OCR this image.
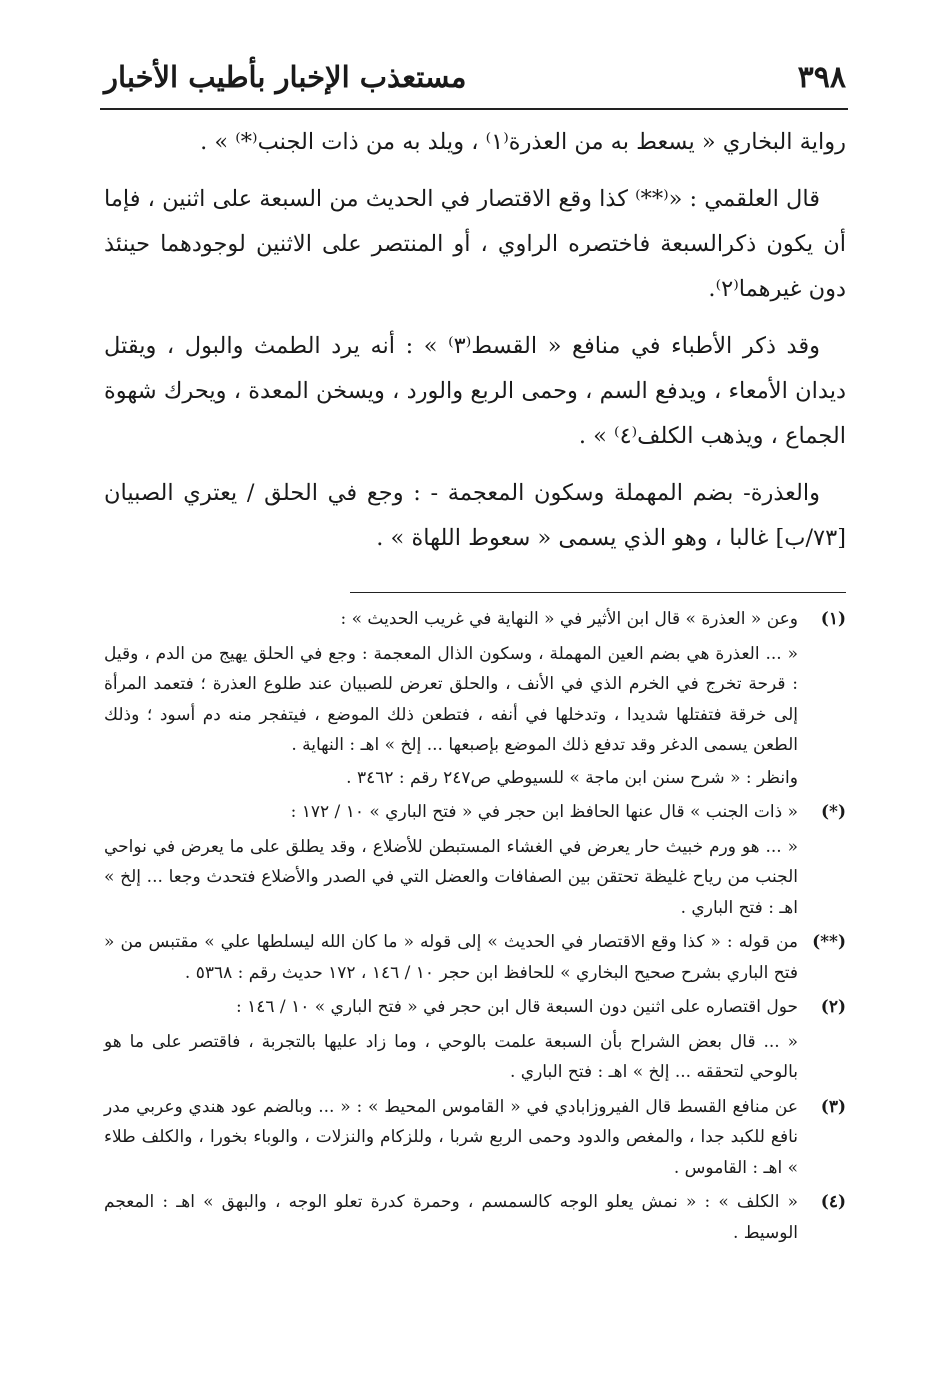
٣٩٨
مستعذب الإخبار بأطيب الأخبار

رواية البخاري « يسعط به من العذرة⁽١⁾ ، ويلد به من ذات الجنب⁽*⁾ » .

قال العلقمي : «⁽**⁾ كذا وقع الاقتصار في الحديث من السبعة على اثنين ، فإما أن يكون ذكرالسبعة فاختصره الراوي ، أو المنتصر على الاثنين لوجودهما حينئذ دون غيرهما⁽٢⁾.

وقد ذكر الأطباء في منافع « القسط⁽٣⁾ » : أنه يرد الطمث والبول ، ويقتل ديدان الأمعاء ، ويدفع السم ، وحمى الربع والورد ، ويسخن المعدة ، ويحرك شهوة الجماع ، ويذهب الكلف⁽٤⁾ » .

والعذرة- بضم المهملة وسكون المعجمة - : وجع في الحلق / يعتري الصبيان [٧٣/ب] غالبا ، وهو الذي يسمى « سعوط اللهاة » .

(١)
وعن « العذرة » قال ابن الأثير في « النهاية في غريب الحديث » :
« ... العذرة هي بضم العين المهملة ، وسكون الذال المعجمة : وجع في الحلق يهيج من الدم ، وقيل : قرحة تخرج في الخرم الذي في الأنف ، والحلق تعرض للصبيان عند طلوع العذرة ؛ فتعمد المرأة إلى خرقة فتفتلها شديدا ، وتدخلها في أنفه ، فتطعن ذلك الموضع ، فيتفجر منه دم أسود ؛ وذلك الطعن يسمى الدغر وقد تدفع ذلك الموضع بإصبعها ... إلخ » اهـ : النهاية .
وانظر : « شرح سنن ابن ماجة » للسيوطي ص٢٤٧ رقم : ٣٤٦٢ .
(*)
« ذات الجنب » قال عنها الحافظ ابن حجر في « فتح الباري » ١٠ / ١٧٢ :
« ... هو ورم خبيث حار يعرض في الغشاء المستبطن للأضلاع ، وقد يطلق على ما يعرض في نواحي الجنب من رياح غليظة تحتقن بين الصفافات والعضل التي في الصدر والأضلاع فتحدث وجعا ... إلخ » اهـ : فتح الباري .
(**)
من قوله : « كذا وقع الاقتصار في الحديث » إلى قوله « ما كان الله ليسلطها علي » مقتبس من « فتح الباري بشرح صحيح البخاري » للحافظ ابن حجر ١٠ / ١٤٦ ، ١٧٢ حديث رقم : ٥٣٦٨ .
(٢)
حول اقتصاره على اثنين دون السبعة قال ابن حجر في « فتح الباري » ١٠ / ١٤٦ :
« ... قال بعض الشراح بأن السبعة علمت بالوحي ، وما زاد عليها بالتجربة ، فاقتصر على ما هو بالوحي لتحققه ... إلخ » اهـ : فتح الباري .
(٣)
عن منافع القسط قال الفيروزابادي في « القاموس المحيط » : « ... وبالضم عود هندي وعربي مدر نافع للكبد جدا ، والمغص والدود وحمى الربع شربا ، وللزكام والنزلات ، والوباء بخورا ، والكلف طلاء » اهـ : القاموس .
(٤)
« الكلف » : « نمش يعلو الوجه كالسمسم ، وحمرة كدرة تعلو الوجه ، والبهق » اهـ : المعجم الوسيط .
